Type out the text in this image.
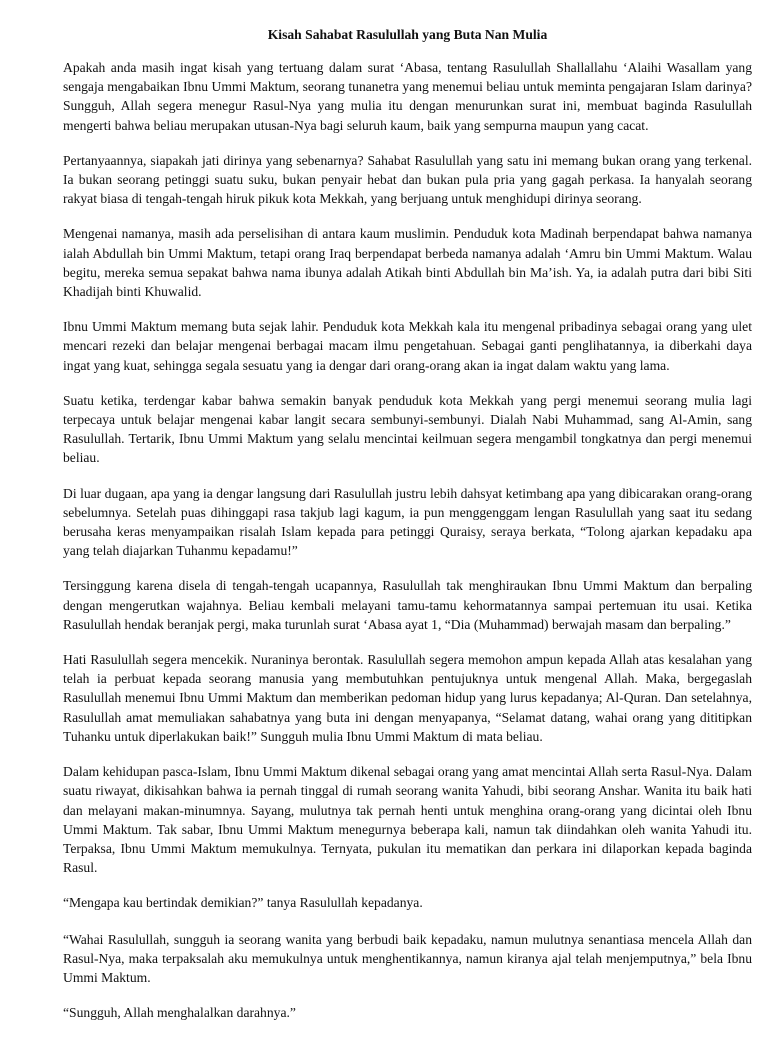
Kisah Sahabat Rasulullah yang Buta Nan Mulia

Apakah anda masih ingat kisah yang tertuang dalam surat ‘Abasa, tentang Rasulullah Shallallahu ‘Alaihi Wasallam yang sengaja mengabaikan Ibnu Ummi Maktum, seorang tunanetra yang menemui beliau untuk meminta pengajaran Islam darinya? Sungguh, Allah segera menegur Rasul-Nya yang mulia itu dengan menurunkan surat ini, membuat baginda Rasulullah mengerti bahwa beliau merupakan utusan-Nya bagi seluruh kaum, baik yang sempurna maupun yang cacat.

Pertanyaannya, siapakah jati dirinya yang sebenarnya? Sahabat Rasulullah yang satu ini memang bukan orang yang terkenal. Ia bukan seorang petinggi suatu suku, bukan penyair hebat dan bukan pula pria yang gagah perkasa. Ia hanyalah seorang rakyat biasa di tengah-tengah hiruk pikuk kota Mekkah, yang berjuang untuk menghidupi dirinya seorang.

Mengenai namanya, masih ada perselisihan di antara kaum muslimin. Penduduk kota Madinah berpendapat bahwa namanya ialah Abdullah bin Ummi Maktum, tetapi orang Iraq berpendapat berbeda namanya adalah ‘Amru bin Ummi Maktum. Walau begitu, mereka semua sepakat bahwa nama ibunya adalah Atikah binti Abdullah bin Ma’ish. Ya, ia adalah putra dari bibi Siti Khadijah binti Khuwalid.

Ibnu Ummi Maktum memang buta sejak lahir. Penduduk kota Mekkah kala itu mengenal pribadinya sebagai orang yang ulet mencari rezeki dan belajar mengenai berbagai macam ilmu pengetahuan. Sebagai ganti penglihatannya, ia diberkahi daya ingat yang kuat, sehingga segala sesuatu yang ia dengar dari orang-orang akan ia ingat dalam waktu yang lama.

Suatu ketika, terdengar kabar bahwa semakin banyak penduduk kota Mekkah yang pergi menemui seorang mulia lagi terpecaya untuk belajar mengenai kabar langit secara sembunyi-sembunyi. Dialah Nabi Muhammad, sang Al-Amin, sang Rasulullah. Tertarik, Ibnu Ummi Maktum yang selalu mencintai keilmuan segera mengambil tongkatnya dan pergi menemui beliau.

Di luar dugaan, apa yang ia dengar langsung dari Rasulullah justru lebih dahsyat ketimbang apa yang dibicarakan orang-orang sebelumnya. Setelah puas dihinggapi rasa takjub lagi kagum, ia pun menggenggam lengan Rasulullah yang saat itu sedang berusaha keras menyampaikan risalah Islam kepada para petinggi Quraisy, seraya berkata, “Tolong ajarkan kepadaku apa yang telah diajarkan Tuhanmu kepadamu!”

Tersinggung karena disela di tengah-tengah ucapannya, Rasulullah tak menghiraukan Ibnu Ummi Maktum dan berpaling dengan mengerutkan wajahnya. Beliau kembali melayani tamu-tamu kehormatannya sampai pertemuan itu usai. Ketika Rasulullah hendak beranjak pergi, maka turunlah surat ‘Abasa ayat 1, “Dia (Muhammad) berwajah masam dan berpaling.”

Hati Rasulullah segera mencekik. Nuraninya berontak. Rasulullah segera memohon ampun kepada Allah atas kesalahan yang telah ia perbuat kepada seorang manusia yang membutuhkan pentujuknya untuk mengenal Allah. Maka, bergegaslah Rasulullah menemui Ibnu Ummi Maktum dan memberikan pedoman hidup yang lurus kepadanya; Al-Quran. Dan setelahnya, Rasulullah amat memuliakan sahabatnya yang buta ini dengan menyapanya, “Selamat datang, wahai orang yang dititipkan Tuhanku untuk diperlakukan baik!” Sungguh mulia Ibnu Ummi Maktum di mata beliau.

Dalam kehidupan pasca-Islam, Ibnu Ummi Maktum dikenal sebagai orang yang amat mencintai Allah serta Rasul-Nya. Dalam suatu riwayat, dikisahkan bahwa ia pernah tinggal di rumah seorang wanita Yahudi, bibi seorang Anshar. Wanita itu baik hati dan melayani makan-minumnya. Sayang, mulutnya tak pernah henti untuk menghina orang-orang yang dicintai oleh Ibnu Ummi Maktum. Tak sabar, Ibnu Ummi Maktum menegurnya beberapa kali, namun tak diindahkan oleh wanita Yahudi itu. Terpaksa, Ibnu Ummi Maktum memukulnya. Ternyata, pukulan itu mematikan dan perkara ini dilaporkan kepada baginda Rasul.

“Mengapa kau bertindak demikian?” tanya Rasulullah kepadanya.

“Wahai Rasulullah, sungguh ia seorang wanita yang berbudi baik kepadaku, namun mulutnya senantiasa mencela Allah dan Rasul-Nya, maka terpaksalah aku memukulnya untuk menghentikannya, namun kiranya ajal telah menjemputnya,” bela Ibnu Ummi Maktum.

“Sungguh, Allah menghalalkan darahnya.”
